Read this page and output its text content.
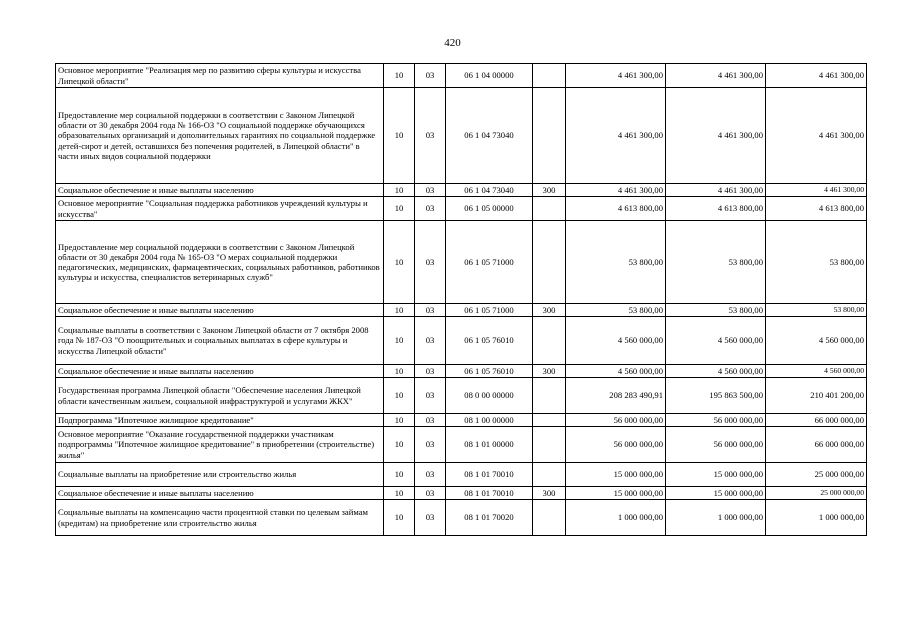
420
Основное мероприятие "Реализация мер по развитию сферы культуры и искусства Липецкой области"	10	03	06 1 04 00000		4 461 300,00	4 461 300,00	4 461 300,00
Предоставление мер социальной поддержки в соответствии с Законом Липецкой области от 30 декабря 2004 года № 166-ОЗ "О социальной поддержке обучающихся образовательных организаций и дополнительных гарантиях по социальной поддержке детей-сирот и детей, оставшихся без попечения родителей, в Липецкой области" в части иных видов социальной поддержки	10	03	06 1 04 73040		4 461 300,00	4 461 300,00	4 461 300,00
Социальное обеспечение и иные выплаты населению	10	03	06 1 04 73040	300	4 461 300,00	4 461 300,00	4 461 300,00
Основное мероприятие "Социальная поддержка работников учреждений культуры и искусства"	10	03	06 1 05 00000		4 613 800,00	4 613 800,00	4 613 800,00
Предоставление мер социальной поддержки в соответствии с Законом Липецкой области от 30 декабря 2004 года № 165-ОЗ "О мерах социальной поддержки педагогических, медицинских, фармацевтических, социальных работников, работников культуры и искусства, специалистов ветеринарных служб"	10	03	06 1 05 71000		53 800,00	53 800,00	53 800,00
Социальное обеспечение и иные выплаты населению	10	03	06 1 05 71000	300	53 800,00	53 800,00	53 800,00
Социальные выплаты в соответствии с Законом Липецкой области от 7 октября 2008 года № 187-ОЗ "О поощрительных и социальных выплатах в сфере культуры и искусства Липецкой области"	10	03	06 1 05 76010		4 560 000,00	4 560 000,00	4 560 000,00
Социальное обеспечение и иные выплаты населению	10	03	06 1 05 76010	300	4 560 000,00	4 560 000,00	4 560 000,00
Государственная программа Липецкой области "Обеспечение населения Липецкой области качественным жильем, социальной инфраструктурой и услугами ЖКХ"	10	03	08 0 00 00000		208 283 490,91	195 863 500,00	210 401 200,00
Подпрограмма "Ипотечное жилищное кредитование"	10	03	08 1 00 00000		56 000 000,00	56 000 000,00	66 000 000,00
Основное мероприятие "Оказание государственной поддержки участникам подпрограммы "Ипотечное жилищное кредитование" в приобретении (строительстве) жилья"	10	03	08 1 01 00000		56 000 000,00	56 000 000,00	66 000 000,00
Социальные выплаты на приобретение или строительство жилья	10	03	08 1 01 70010		15 000 000,00	15 000 000,00	25 000 000,00
Социальное обеспечение и иные выплаты населению	10	03	08 1 01 70010	300	15 000 000,00	15 000 000,00	25 000 000,00
Социальные выплаты на компенсацию части процентной ставки по целевым займам (кредитам) на приобретение или строительство жилья	10	03	08 1 01 70020		1 000 000,00	1 000 000,00	1 000 000,00
